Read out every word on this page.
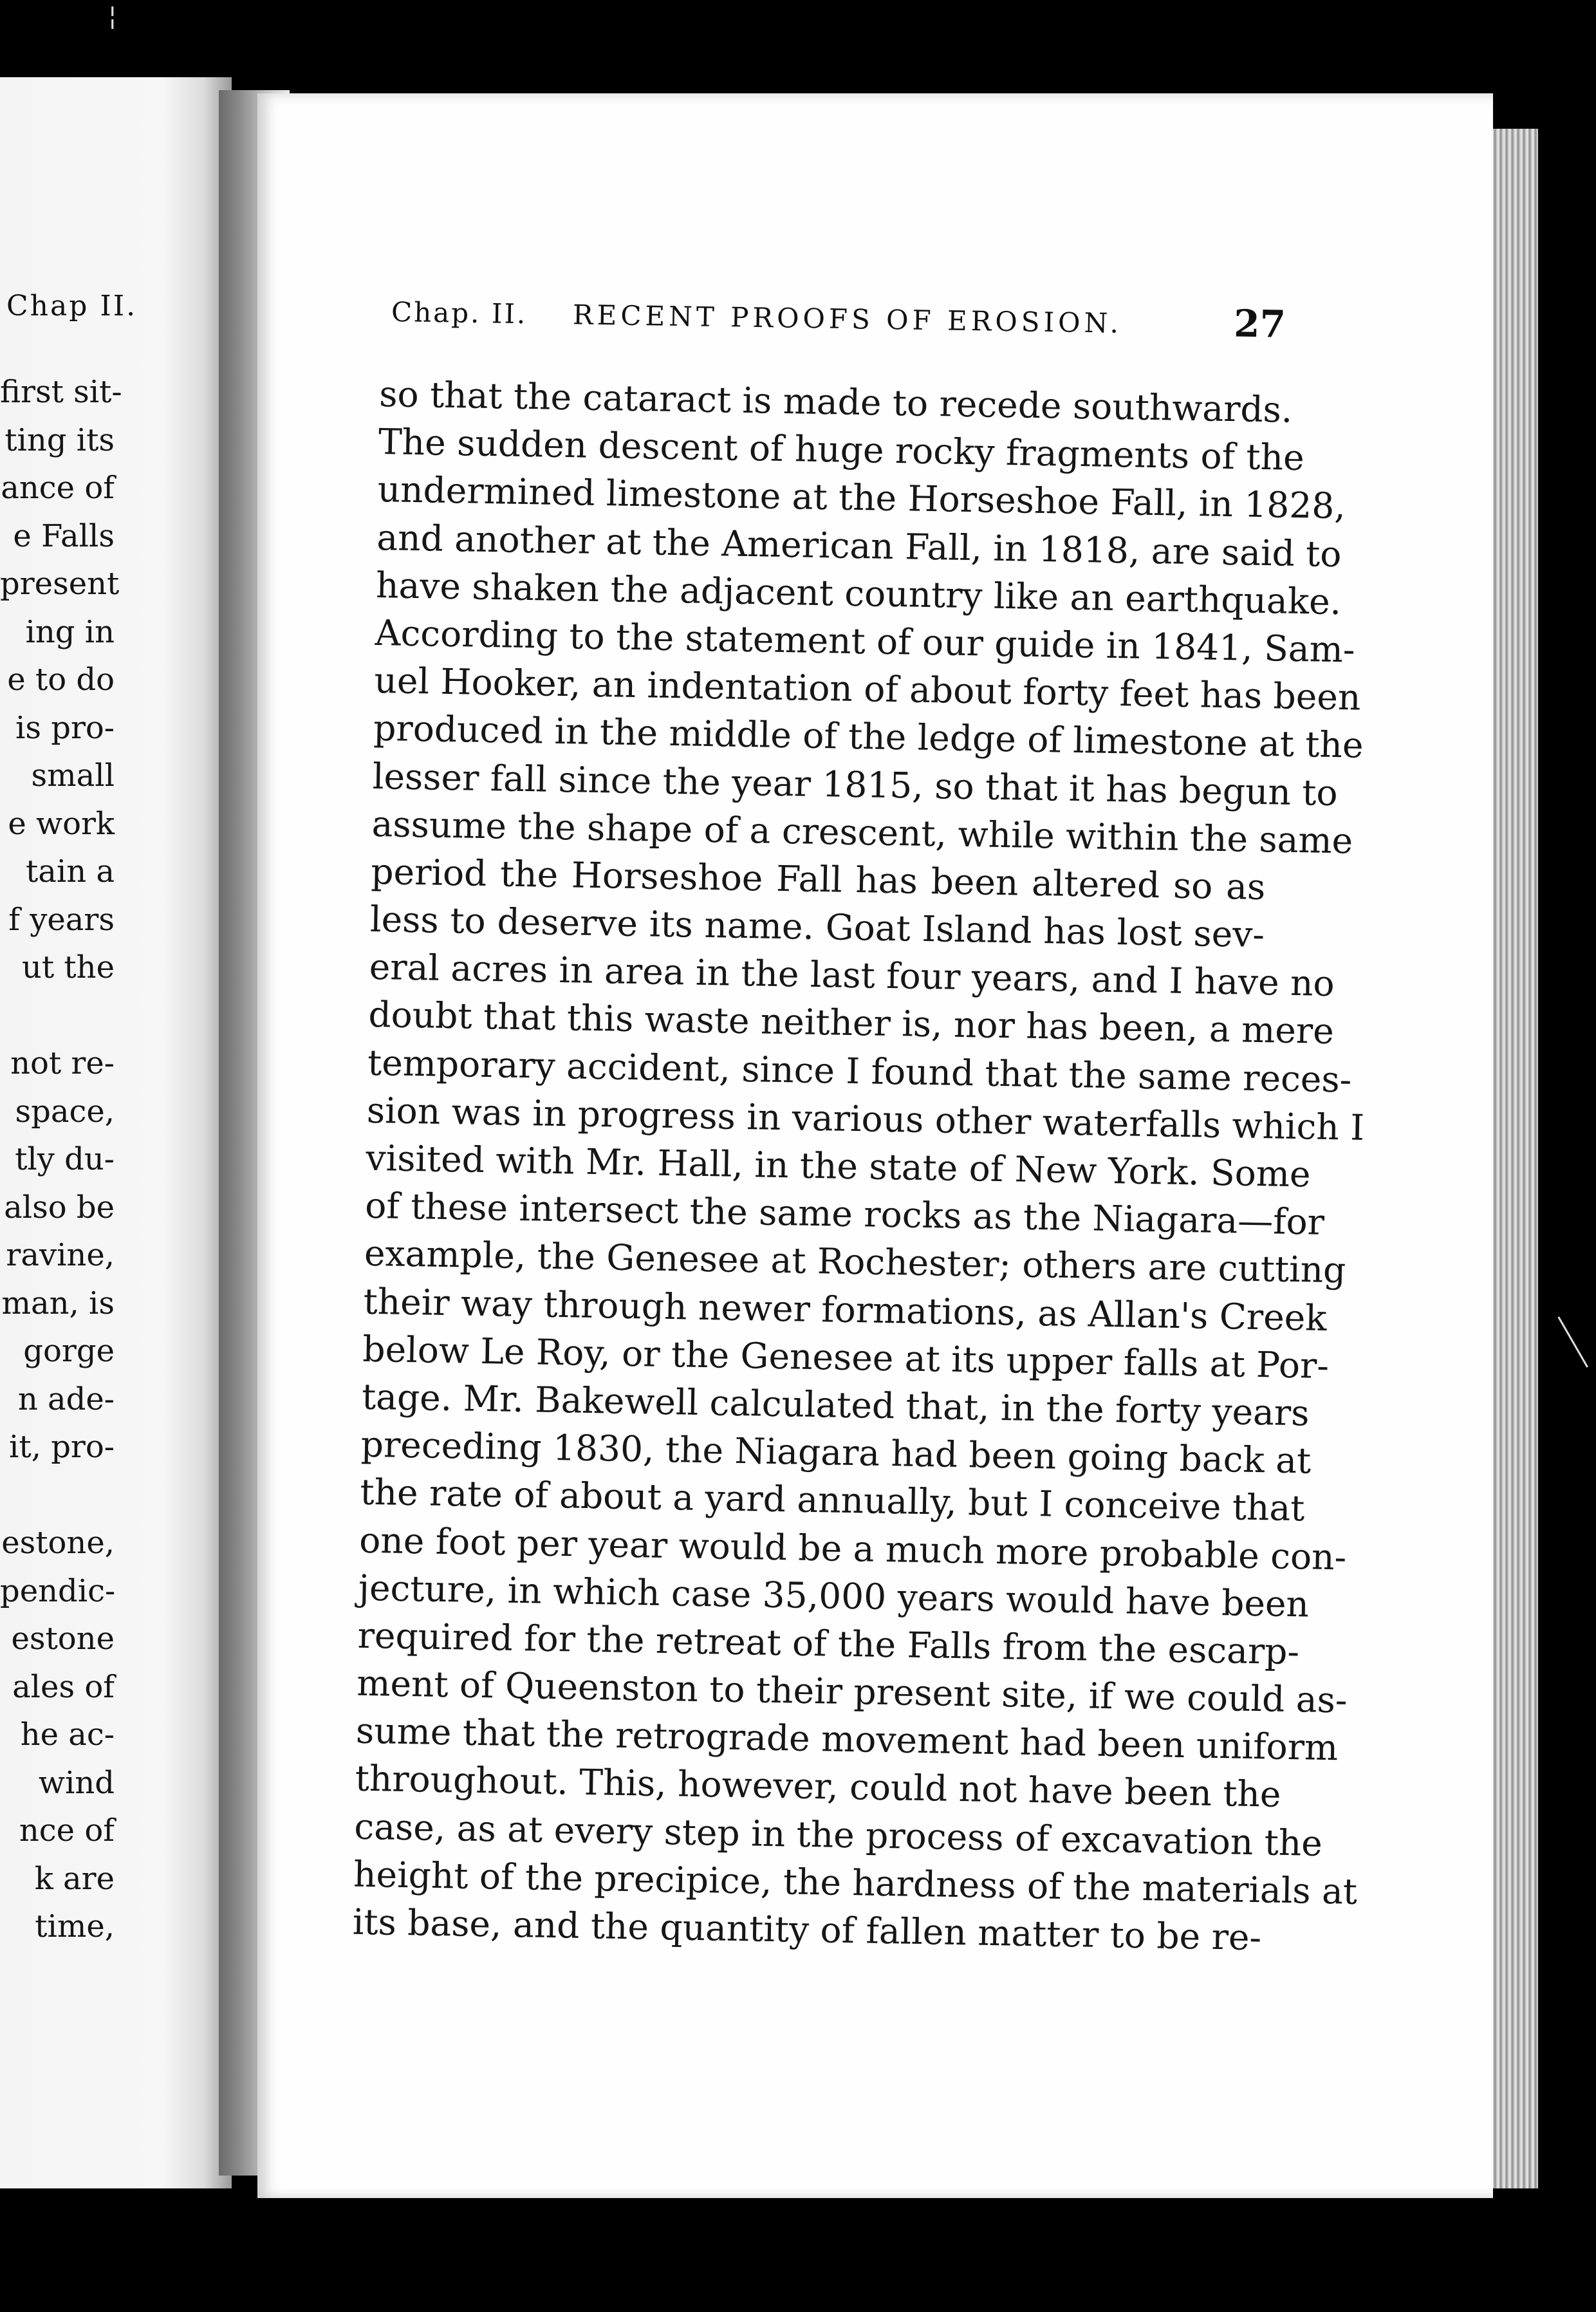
¦
Chap II.
first sit-
ting its
ance of
e Falls
present
ing in
e to do
is pro-
small
e work
tain a
f years
ut the
not re-
space,
tly du-
also be
ravine,
man, is
gorge
n ade-
it, pro-
estone,
pendic-
estone
ales of
he ac-
wind
nce of
k are
time,
Chap. II. RECENT PROOFS OF EROSION.	27
so that the cataract is made to recede southwards.
The sudden descent of huge rocky fragments of the
undermined limestone at the Horseshoe Fall, in 1828,
and another at the American Fall, in 1818, are said to
have shaken the adjacent country like an earthquake.
According to the statement of our guide in 1841, Sam-
uel Hooker, an indentation of about forty feet has been
produced in the middle of the ledge of limestone at the
lesser fall since the year 1815, so that it has begun to
assume the shape of a crescent, while within the same
period the Horseshoe Fall has been altered so as
less to deserve its name. Goat Island has lost sev-
eral acres in area in the last four years, and I have no
doubt that this waste neither is, nor has been, a mere
temporary accident, since I found that the same reces-
sion was in progress in various other waterfalls which I
visited with Mr. Hall, in the state of New York. Some
of these intersect the same rocks as the Niagara—for
example, the Genesee at Rochester; others are cutting
their way through newer formations, as Allan's Creek
below Le Roy, or the Genesee at its upper falls at Por-
tage. Mr. Bakewell calculated that, in the forty years
preceding 1830, the Niagara had been going back at
the rate of about a yard annually, but I conceive that
one foot per year would be a much more probable con-
jecture, in which case 35,000 years would have been
required for the retreat of the Falls from the escarp-
ment of Queenston to their present site, if we could as-
sume that the retrograde movement had been uniform
throughout. This, however, could not have been the
case, as at every step in the process of excavation the
height of the precipice, the hardness of the materials at
its base, and the quantity of fallen matter to be re-
